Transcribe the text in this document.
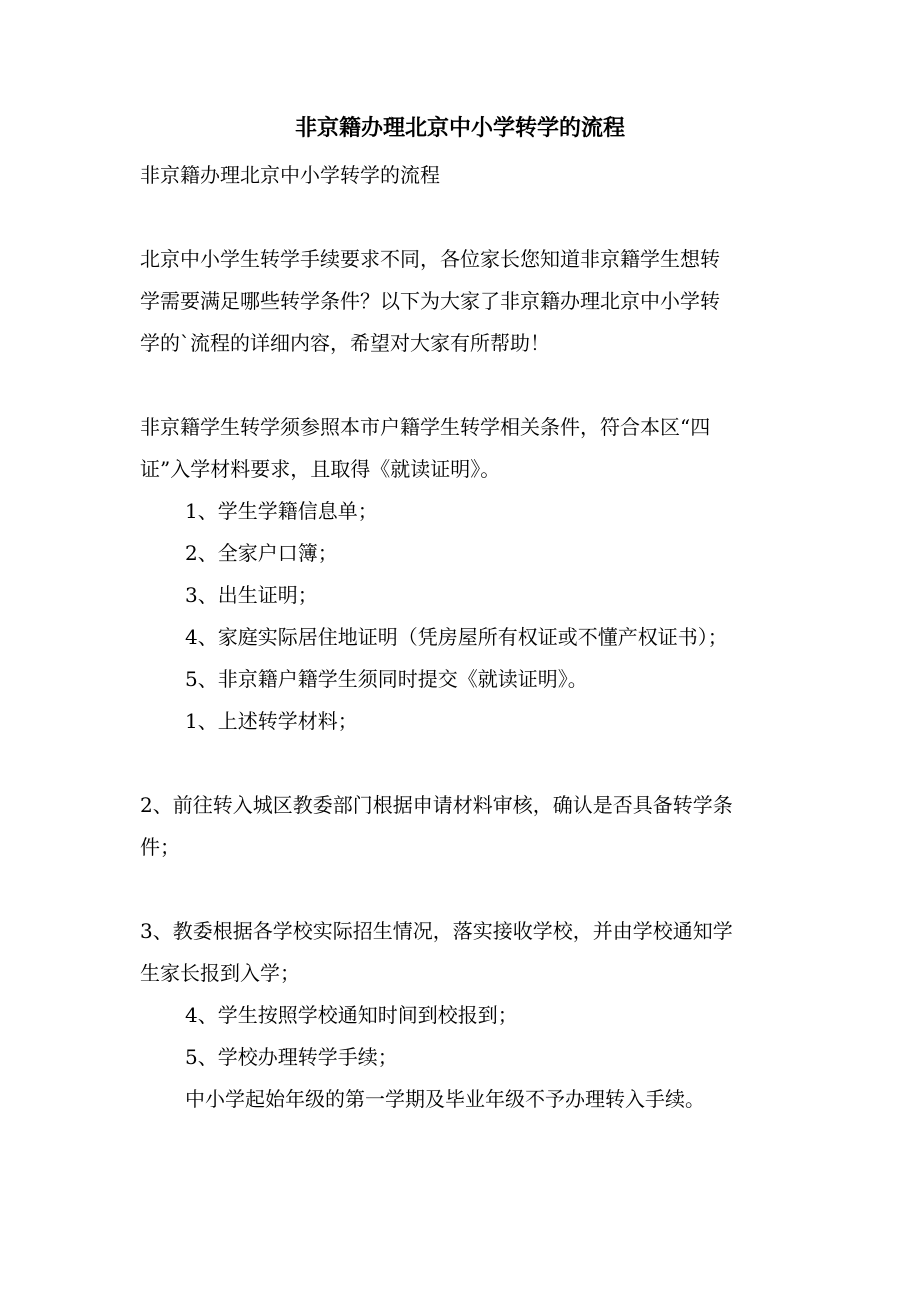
非京籍办理北京中小学转学的流程
非京籍办理北京中小学转学的流程
北京中小学生转学手续要求不同，各位家长您知道非京籍学生想转
学需要满足哪些转学条件？以下为大家了非京籍办理北京中小学转
学的`流程的详细内容，希望对大家有所帮助！
非京籍学生转学须参照本市户籍学生转学相关条件，符合本区“四
证”入学材料要求，且取得《就读证明》。
1、学生学籍信息单；
2、全家户口簿；
3、出生证明；
4、家庭实际居住地证明（凭房屋所有权证或不懂产权证书）；
5、非京籍户籍学生须同时提交《就读证明》。
1、上述转学材料；
2、前往转入城区教委部门根据申请材料审核，确认是否具备转学条
件；
3、教委根据各学校实际招生情况，落实接收学校，并由学校通知学
生家长报到入学；
4、学生按照学校通知时间到校报到；
5、学校办理转学手续；
中小学起始年级的第一学期及毕业年级不予办理转入手续。
